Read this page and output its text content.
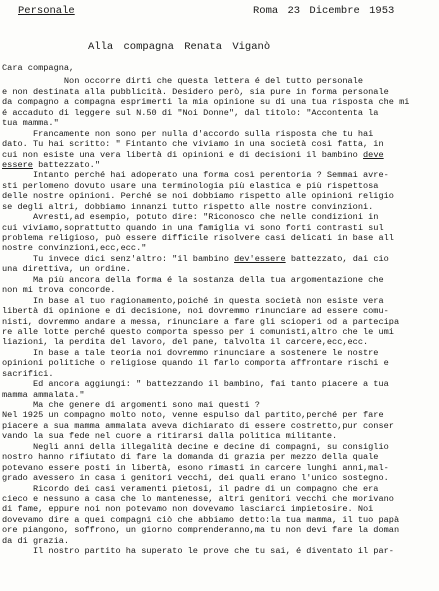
Personale	Roma 23 Dicembre 1953
Alla compagna Renata Viganò
Cara compagna,
Non occorre dirti che questa lettera é del tutto personale
e non destinata alla pubblicità. Desidero però, sia pure in forma personale
da compagno a compagna esprimerti la mia opinione su di una tua risposta che mi
é accaduto di leggere sul N.50 di "Noi Donne", dal titolo: "Accontenta la
tua mamma."
Francamente non sono per nulla d'accordo sulla risposta che tu hai
dato. Tu hai scritto: " Fintanto che viviamo in una società così fatta, in
cui non esiste una vera libertà di opinioni e di decisioni il bambino deve
essere battezzato."
Intanto perché hai adoperato una forma così perentoria ? Semmai avre-
sti perlomeno dovuto usare una terminologia più elastica e più rispettosa
delle nostre opinioni. Perché se noi dobbiamo rispetto alle opinioni religio
se degli altri, dobbiamo innanzi tutto rispetto alle nostre convinzioni.
Avresti,ad esempio, potuto dire: "Riconosco che nelle condizioni in
cui viviamo,soprattutto quando in una famiglia vi sono forti contrasti sul
problema religioso, può essere difficile risolvere casi delicati in base all
nostre convinzioni,ecc,ecc."
Tu invece dici senz'altro: "il bambino dev'essere battezzato, dai cio
una direttiva, un ordine.
Ma più ancora della forma é la sostanza della tua argomentazione che
non mi trova concorde.
In base al tuo ragionamento,poiché in questa società non esiste vera
libertà di opinione e di decisione, noi dovremmo rinunciare ad essere comu-
nisti, dovremmo andare a messa, rinunciare a fare gli scioperi od a partecipa
re alle lotte perché questo comporta spesso per i comunisti,altro che le umi
liazioni, la perdita del lavoro, del pane, talvolta il carcere,ecc,ecc.
In base a tale teoria noi dovremmo rinunciare a sostenere le nostre
opinioni politiche o religiose quando il farlo comporta affrontare rischi e
sacrifici.
Ed ancora aggiungi: " battezzando il bambino, fai tanto piacere a tua
mamma ammalata."
Ma che genere di argomenti sono mai questi ?
Nel 1925 un compagno molto noto, venne espulso dal partito,perché per fare
piacere a sua mamma ammalata aveva dichiarato di essere costretto,pur conser
vando la sua fede nel cuore a ritirarsi dalla politica militante.
Negli anni della illegalità decine e decine di compagni, su consiglio
nostro hanno rifiutato di fare la domanda di grazia per mezzo della quale
potevano essere posti in libertà, esono rimasti in carcere lunghi anni,mal-
grado avessero in casa i genitori vecchi, dei quali erano l'unico sostegno.
Ricordo dei casi veramenti pietosi, il padre di un compagno che era
cieco e nessuno a casa che lo mantenesse, altri genitori vecchi che morivano
di fame, eppure noi non potevamo non dovevamo lasciarci impietosire. Noi
dovevamo dire a quei compagni ciò che abbiamo detto:la tua mamma, il tuo papà
ore piangono, soffrono, un giorno comprenderanno,ma tu non devi fare la doman
da di grazia.
Il nostro partito ha superato le prove che tu sai, é diventato il par-
